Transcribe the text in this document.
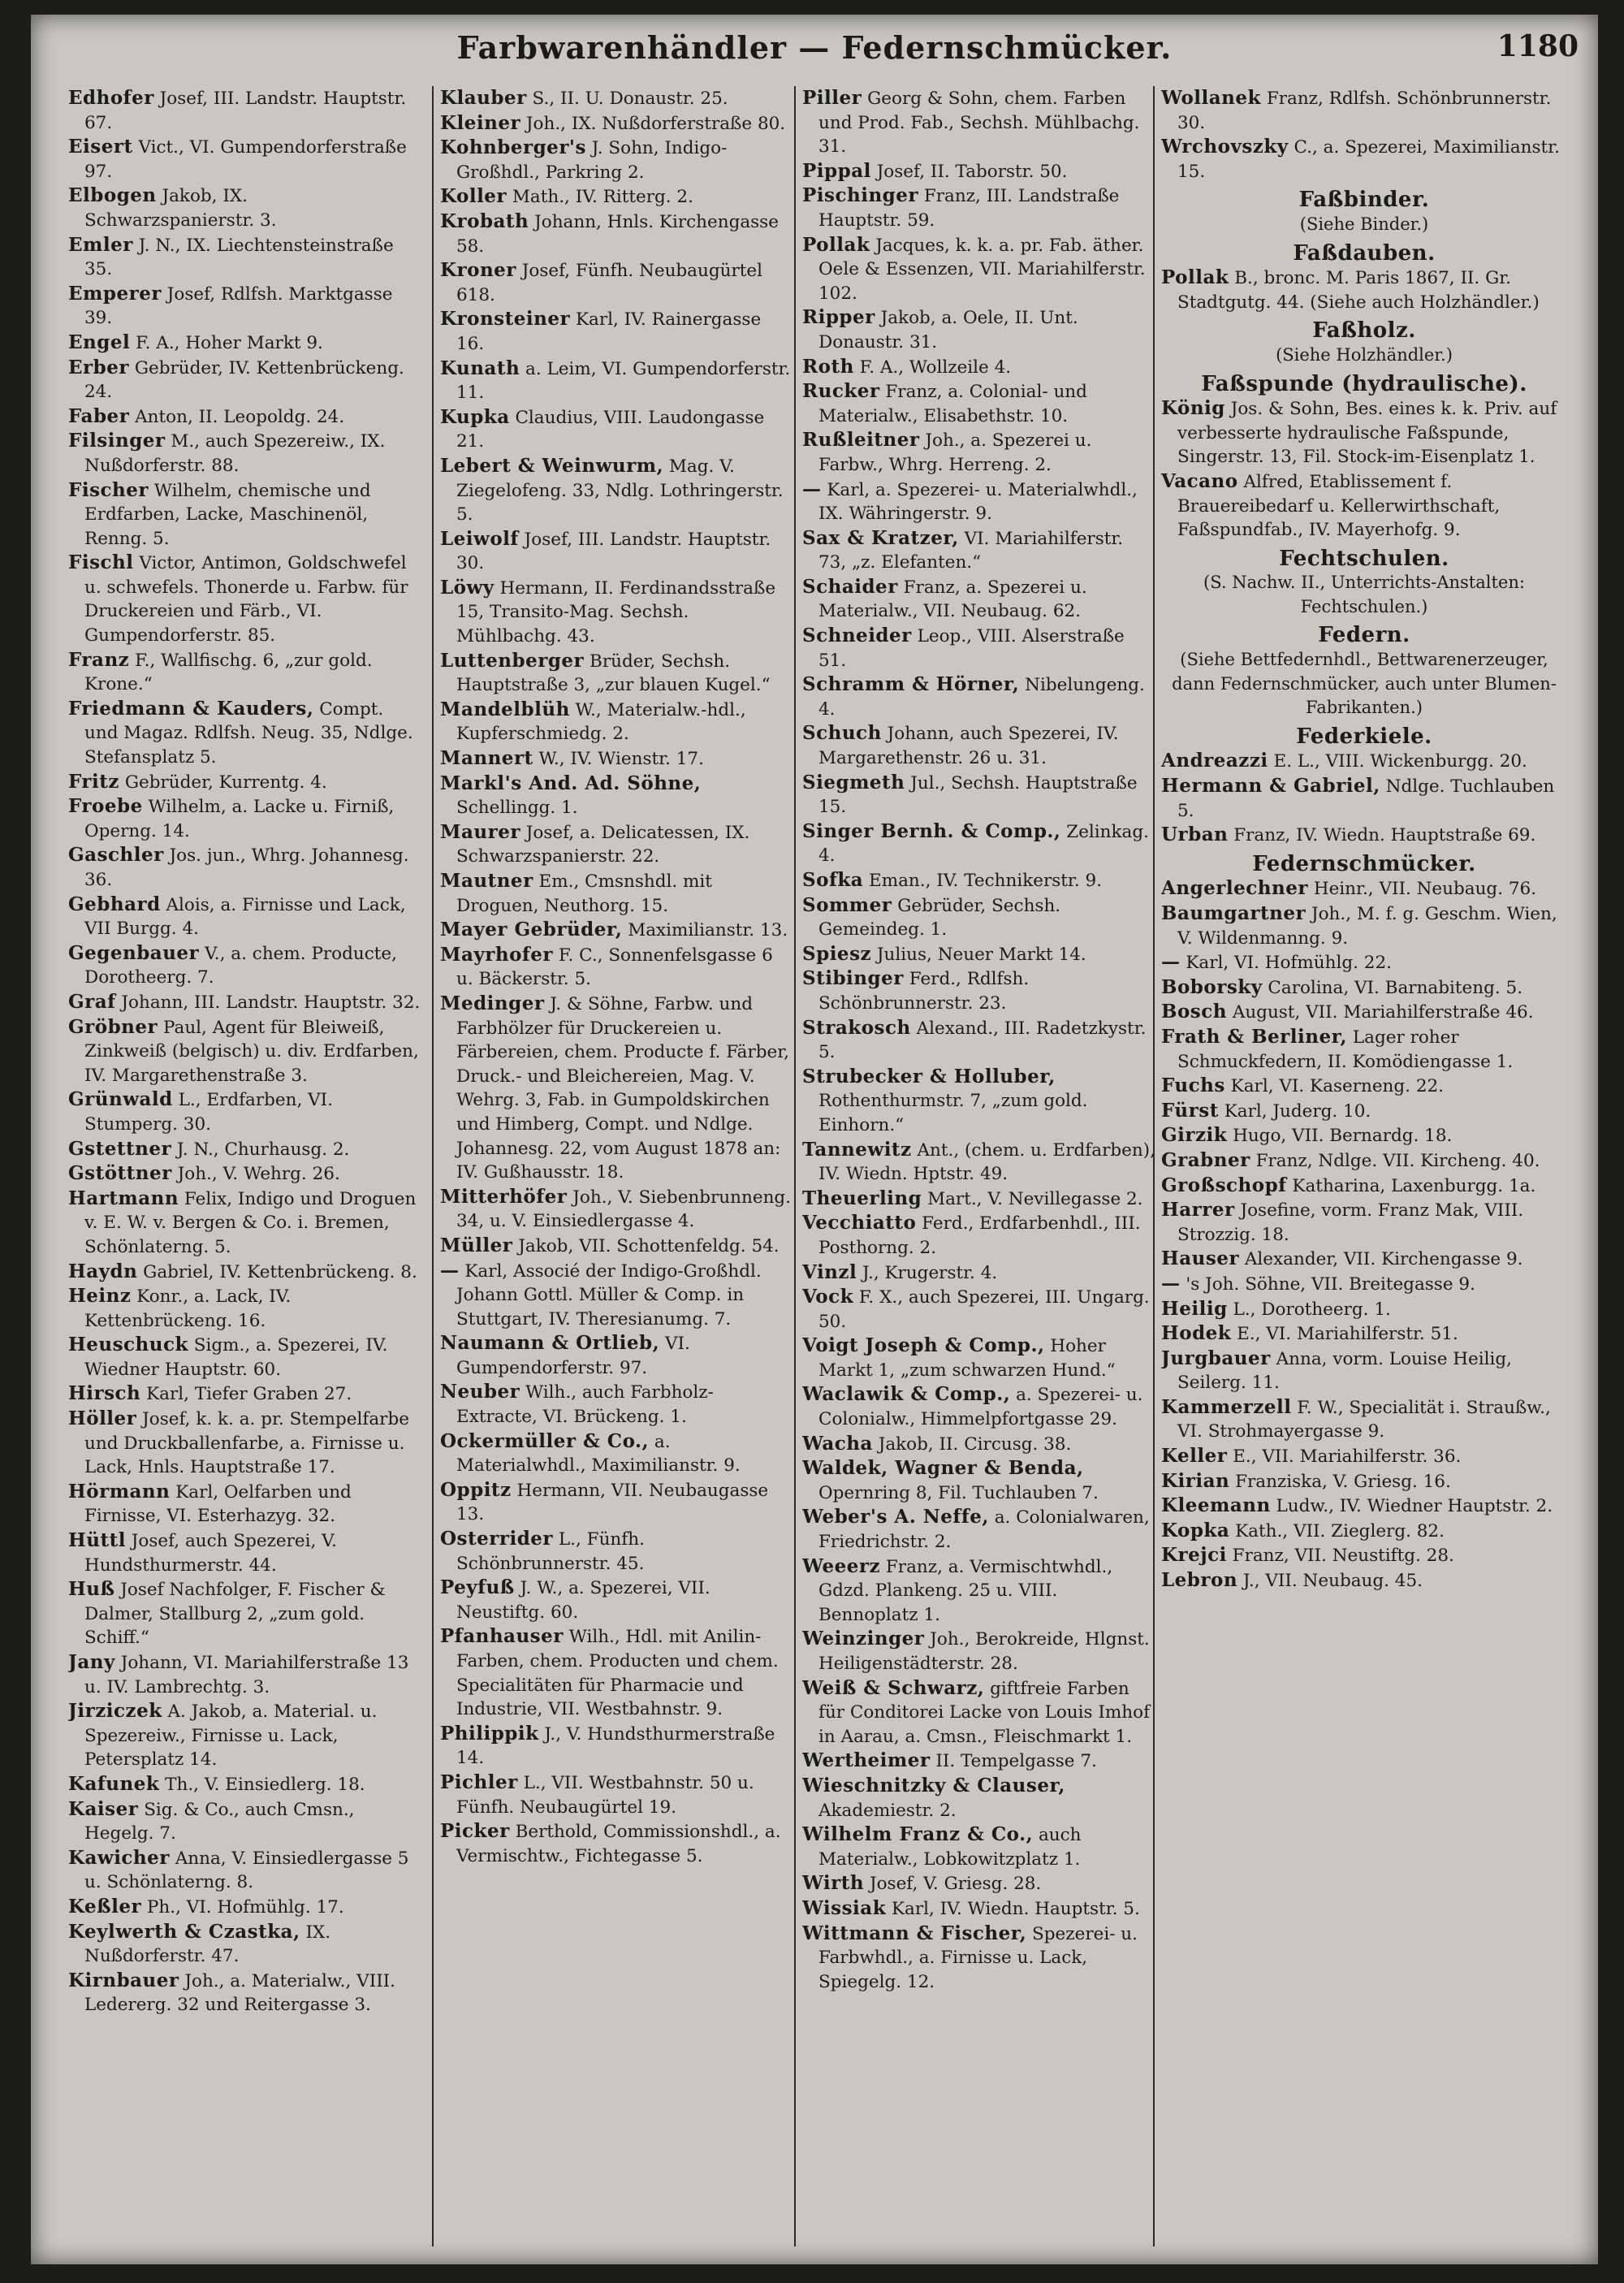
Farbwarenhändler — Federnschmücker.	1180
Edhofer Josef, III. Landstr. Hauptstr. 67.
Eisert Vict., VI. Gumpendorferstraße 97.
Elbogen Jakob, IX. Schwarzspanierstr. 3.
Emler J. N., IX. Liechtensteinstraße 35.
Emperer Josef, Rdlfsh. Marktgasse 39.
Engel F. A., Hoher Markt 9.
Erber Gebrüder, IV. Kettenbrückeng. 24.
Faber Anton, II. Leopoldg. 24.
Filsinger M., auch Spezereiw., IX. Nußdorferstr. 88.
Fischer Wilhelm, chemische und Erdfarben, Lacke, Maschinenöl, Renng. 5.
Fischl Victor, Antimon, Goldschwefel u. schwefels. Thonerde u. Farbw. für Druckereien und Färb., VI. Gumpendorferstr. 85.
Franz F., Wallfischg. 6, „zur gold. Krone.“
Friedmann & Kauders, Compt. und Magaz. Rdlfsh. Neug. 35, Ndlge. Stefansplatz 5.
Fritz Gebrüder, Kurrentg. 4.
Froebe Wilhelm, a. Lacke u. Firniß, Operng. 14.
Gaschler Jos. jun., Whrg. Johannesg. 36.
Gebhard Alois, a. Firnisse und Lack, VII Burgg. 4.
Gegenbauer V., a. chem. Producte, Dorotheerg. 7.
Graf Johann, III. Landstr. Hauptstr. 32.
Gröbner Paul, Agent für Bleiweiß, Zinkweiß (belgisch) u. div. Erdfarben, IV. Margarethenstraße 3.
Grünwald L., Erdfarben, VI. Stumperg. 30.
Gstettner J. N., Churhausg. 2.
Gstöttner Joh., V. Wehrg. 26.
Hartmann Felix, Indigo und Droguen v. E. W. v. Bergen & Co. i. Bremen, Schönlaterng. 5.
Haydn Gabriel, IV. Kettenbrückeng. 8.
Heinz Konr., a. Lack, IV. Kettenbrückeng. 16.
Heuschuck Sigm., a. Spezerei, IV. Wiedner Hauptstr. 60.
Hirsch Karl, Tiefer Graben 27.
Höller Josef, k. k. a. pr. Stempelfarbe und Druckballenfarbe, a. Firnisse u. Lack, Hnls. Hauptstraße 17.
Hörmann Karl, Oelfarben und Firnisse, VI. Esterhazyg. 32.
Hüttl Josef, auch Spezerei, V. Hundsthurmerstr. 44.
Huß Josef Nachfolger, F. Fischer & Dalmer, Stallburg 2, „zum gold. Schiff.“
Jany Johann, VI. Mariahilferstraße 13 u. IV. Lambrechtg. 3.
Jirziczek A. Jakob, a. Material. u. Spezereiw., Firnisse u. Lack, Petersplatz 14.
Kafunek Th., V. Einsiedlerg. 18.
Kaiser Sig. & Co., auch Cmsn., Hegelg. 7.
Kawicher Anna, V. Einsiedlergasse 5 u. Schönlaterng. 8.
Keßler Ph., VI. Hofmühlg. 17.
Keylwerth & Czastka, IX. Nußdorferstr. 47.
Kirnbauer Joh., a. Materialw., VIII. Ledererg. 32 und Reitergasse 3.
Klauber S., II. U. Donaustr. 25.
Kleiner Joh., IX. Nußdorferstraße 80.
Kohnberger's J. Sohn, Indigo-Großhdl., Parkring 2.
Koller Math., IV. Ritterg. 2.
Krobath Johann, Hnls. Kirchengasse 58.
Kroner Josef, Fünfh. Neubaugürtel 618.
Kronsteiner Karl, IV. Rainergasse 16.
Kunath a. Leim, VI. Gumpendorferstr. 11.
Kupka Claudius, VIII. Laudongasse 21.
Lebert & Weinwurm, Mag. V. Ziegelofeng. 33, Ndlg. Lothringerstr. 5.
Leiwolf Josef, III. Landstr. Hauptstr. 30.
Löwy Hermann, II. Ferdinandsstraße 15, Transito-Mag. Sechsh. Mühlbachg. 43.
Luttenberger Brüder, Sechsh. Hauptstraße 3, „zur blauen Kugel.“
Mandelblüh W., Materialw.-hdl., Kupferschmiedg. 2.
Mannert W., IV. Wienstr. 17.
Markl's And. Ad. Söhne, Schellingg. 1.
Maurer Josef, a. Delicatessen, IX. Schwarzspanierstr. 22.
Mautner Em., Cmsnshdl. mit Droguen, Neuthorg. 15.
Mayer Gebrüder, Maximilianstr. 13.
Mayrhofer F. C., Sonnenfelsgasse 6 u. Bäckerstr. 5.
Medinger J. & Söhne, Farbw. und Farbhölzer für Druckereien u. Färbereien, chem. Producte f. Färber, Druck.- und Bleichereien, Mag. V. Wehrg. 3, Fab. in Gumpoldskirchen und Himberg, Compt. und Ndlge. Johannesg. 22, vom August 1878 an: IV. Gußhausstr. 18.
Mitterhöfer Joh., V. Siebenbrunneng. 34, u. V. Einsiedlergasse 4.
Müller Jakob, VII. Schottenfeldg. 54.
— Karl, Associé der Indigo-Großhdl. Johann Gottl. Müller & Comp. in Stuttgart, IV. Theresianumg. 7.
Naumann & Ortlieb, VI. Gumpendorferstr. 97.
Neuber Wilh., auch Farbholz-Extracte, VI. Brückeng. 1.
Ockermüller & Co., a. Materialwhdl., Maximilianstr. 9.
Oppitz Hermann, VII. Neubaugasse 13.
Osterrider L., Fünfh. Schönbrunnerstr. 45.
Peyfuß J. W., a. Spezerei, VII. Neustiftg. 60.
Pfanhauser Wilh., Hdl. mit Anilin-Farben, chem. Producten und chem. Specialitäten für Pharmacie und Industrie, VII. Westbahnstr. 9.
Philippik J., V. Hundsthurmerstraße 14.
Pichler L., VII. Westbahnstr. 50 u. Fünfh. Neubaugürtel 19.
Picker Berthold, Commissionshdl., a. Vermischtw., Fichtegasse 5.
Piller Georg & Sohn, chem. Farben und Prod. Fab., Sechsh. Mühlbachg. 31.
Pippal Josef, II. Taborstr. 50.
Pischinger Franz, III. Landstraße Hauptstr. 59.
Pollak Jacques, k. k. a. pr. Fab. äther. Oele & Essenzen, VII. Mariahilferstr. 102.
Ripper Jakob, a. Oele, II. Unt. Donaustr. 31.
Roth F. A., Wollzeile 4.
Rucker Franz, a. Colonial- und Materialw., Elisabethstr. 10.
Rußleitner Joh., a. Spezerei u. Farbw., Whrg. Herreng. 2.
— Karl, a. Spezerei- u. Materialwhdl., IX. Währingerstr. 9.
Sax & Kratzer, VI. Mariahilferstr. 73, „z. Elefanten.“
Schaider Franz, a. Spezerei u. Materialw., VII. Neubaug. 62.
Schneider Leop., VIII. Alserstraße 51.
Schramm & Hörner, Nibelungeng. 4.
Schuch Johann, auch Spezerei, IV. Margarethenstr. 26 u. 31.
Siegmeth Jul., Sechsh. Hauptstraße 15.
Singer Bernh. & Comp., Zelinkag. 4.
Sofka Eman., IV. Technikerstr. 9.
Sommer Gebrüder, Sechsh. Gemeindeg. 1.
Spiesz Julius, Neuer Markt 14.
Stibinger Ferd., Rdlfsh. Schönbrunnerstr. 23.
Strakosch Alexand., III. Radetzkystr. 5.
Strubecker & Holluber, Rothenthurmstr. 7, „zum gold. Einhorn.“
Tannewitz Ant., (chem. u. Erdfarben), IV. Wiedn. Hptstr. 49.
Theuerling Mart., V. Nevillegasse 2.
Vecchiatto Ferd., Erdfarbenhdl., III. Posthorng. 2.
Vinzl J., Krugerstr. 4.
Vock F. X., auch Spezerei, III. Ungarg. 50.
Voigt Joseph & Comp., Hoher Markt 1, „zum schwarzen Hund.“
Waclawik & Comp., a. Spezerei- u. Colonialw., Himmelpfortgasse 29.
Wacha Jakob, II. Circusg. 38.
Waldek, Wagner & Benda, Opernring 8, Fil. Tuchlauben 7.
Weber's A. Neffe, a. Colonialwaren, Friedrichstr. 2.
Weeerz Franz, a. Vermischtwhdl., Gdzd. Plankeng. 25 u. VIII. Bennoplatz 1.
Weinzinger Joh., Berokreide, Hlgnst. Heiligenstädterstr. 28.
Weiß & Schwarz, giftfreie Farben für Conditorei Lacke von Louis Imhof in Aarau, a. Cmsn., Fleischmarkt 1.
Wertheimer II. Tempelgasse 7.
Wieschnitzky & Clauser, Akademiestr. 2.
Wilhelm Franz & Co., auch Materialw., Lobkowitzplatz 1.
Wirth Josef, V. Griesg. 28.
Wissiak Karl, IV. Wiedn. Hauptstr. 5.
Wittmann & Fischer, Spezerei- u. Farbwhdl., a. Firnisse u. Lack, Spiegelg. 12.
Wollanek Franz, Rdlfsh. Schönbrunnerstr. 30.
Wrchovszky C., a. Spezerei, Maximilianstr. 15.
Faßbinder.
(Siehe Binder.)
Faßdauben.
Pollak B., bronc. M. Paris 1867, II. Gr. Stadtgutg. 44. (Siehe auch Holzhändler.)
Faßholz.
(Siehe Holzhändler.)
Faßspunde (hydraulische).
König Jos. & Sohn, Bes. eines k. k. Priv. auf verbesserte hydraulische Faßspunde, Singerstr. 13, Fil. Stock-im-Eisenplatz 1.
Vacano Alfred, Etablissement f. Brauereibedarf u. Kellerwirthschaft, Faßspundfab., IV. Mayerhofg. 9.
Fechtschulen.
(S. Nachw. II., Unterrichts-Anstalten: Fechtschulen.)
Federn.
(Siehe Bettfedernhdl., Bettwarenerzeuger, dann Federnschmücker, auch unter Blumen-Fabrikanten.)
Federkiele.
Andreazzi E. L., VIII. Wickenburgg. 20.
Hermann & Gabriel, Ndlge. Tuchlauben 5.
Urban Franz, IV. Wiedn. Hauptstraße 69.
Federnschmücker.
Angerlechner Heinr., VII. Neubaug. 76.
Baumgartner Joh., M. f. g. Geschm. Wien, V. Wildenmanng. 9.
— Karl, VI. Hofmühlg. 22.
Boborsky Carolina, VI. Barnabiteng. 5.
Bosch August, VII. Mariahilferstraße 46.
Frath & Berliner, Lager roher Schmuckfedern, II. Komödiengasse 1.
Fuchs Karl, VI. Kaserneng. 22.
Fürst Karl, Juderg. 10.
Girzik Hugo, VII. Bernardg. 18.
Grabner Franz, Ndlge. VII. Kircheng. 40.
Großschopf Katharina, Laxenburgg. 1a.
Harrer Josefine, vorm. Franz Mak, VIII. Strozzig. 18.
Hauser Alexander, VII. Kirchengasse 9.
— 's Joh. Söhne, VII. Breitegasse 9.
Heilig L., Dorotheerg. 1.
Hodek E., VI. Mariahilferstr. 51.
Jurgbauer Anna, vorm. Louise Heilig, Seilerg. 11.
Kammerzell F. W., Specialität i. Straußw., VI. Strohmayergasse 9.
Keller E., VII. Mariahilferstr. 36.
Kirian Franziska, V. Griesg. 16.
Kleemann Ludw., IV. Wiedner Hauptstr. 2.
Kopka Kath., VII. Zieglerg. 82.
Krejci Franz, VII. Neustiftg. 28.
Lebron J., VII. Neubaug. 45.
